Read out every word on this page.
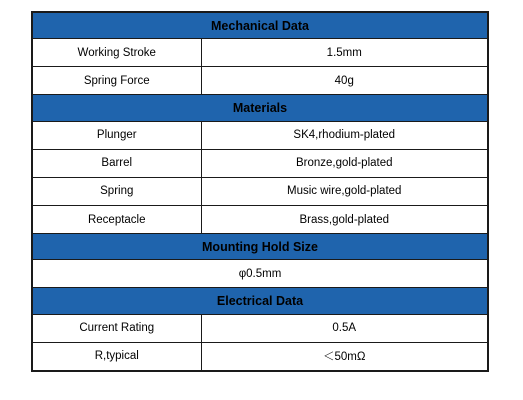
Mechanical Data	
Working Stroke	1.5mm
Spring Force	40g
Materials	
Plunger	SK4,rhodium-plated
Barrel	Bronze,gold-plated
Spring	Music wire,gold-plated
Receptacle	Brass,gold-plated
Mounting Hold Size	
φ0.5mm	
Electrical Data	
Current Rating	0.5A
R,typical	＜50mΩ
